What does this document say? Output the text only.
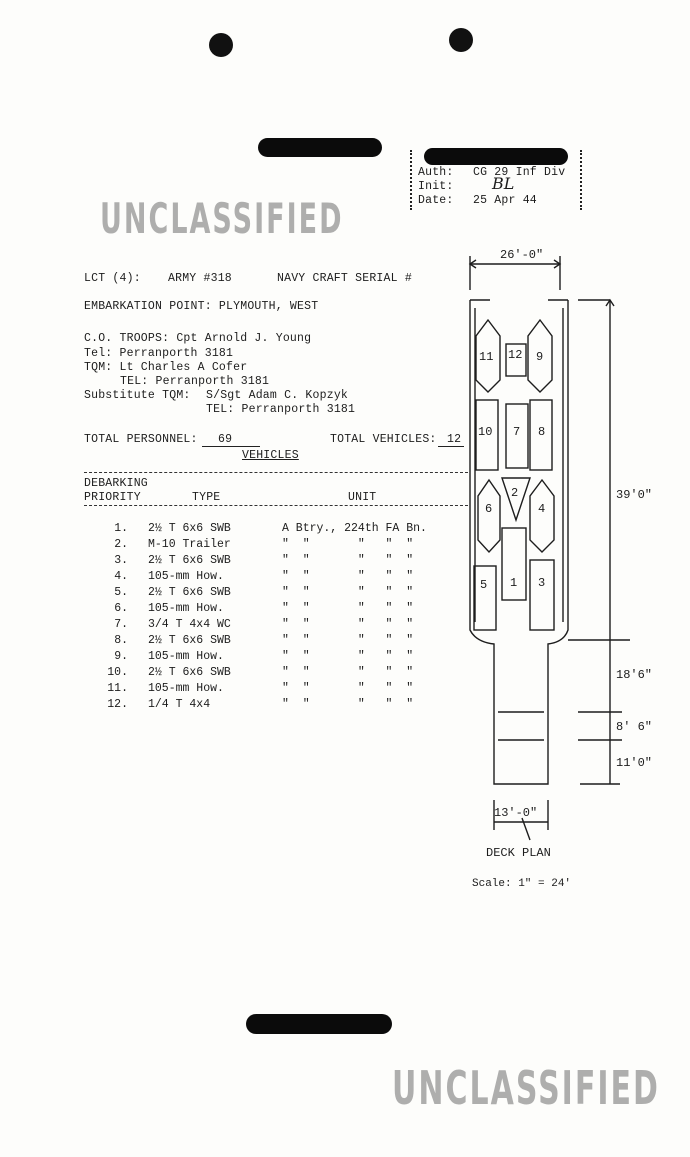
Auth: CG 29 Inf Div
Init: BL
Date: 25 Apr 44
UNCLASSIFIED
UNCLASSIFIED
LCT (4): ARMY #318	NAVY CRAFT SERIAL #
EMBARKATION POINT: PLYMOUTH, WEST
C.O. TROOPS: Cpt Arnold J. Young
Tel: Perranporth 3181
TQM: Lt Charles A Cofer
TEL: Perranporth 3181
Substitute TQM: S/Sgt Adam C. Kopzyk
TEL: Perranporth 3181
TOTAL PERSONNEL: 69	TOTAL VEHICLES: 12
VEHICLES
DEBARKING
PRIORITY	TYPE	UNIT
1.	2½ T 6x6 SWB	A Btry., 224th FA Bn.
2.	M-10 Trailer	"  "       "   "  "
3.	2½ T 6x6 SWB	"  "       "   "  "
4.	105-mm How.	"  "       "   "  "
5.	2½ T 6x6 SWB	"  "       "   "  "
6.	105-mm How.	"  "       "   "  "
7.	3/4 T 4x4 WC	"  "       "   "  "
8.	2½ T 6x6 SWB	"  "       "   "  "
9.	105-mm How.	"  "       "   "  "
10.	2½ T 6x6 SWB	"  "       "   "  "
11.	105-mm How.	"  "       "   "  "
12.	1/4 T 4x4	"  "       "   "  "
26'-0"
11 12 9
10 7 8
2
6	4
5 1 3
39'0"
18'6"
8' 6"
11'0"
13'-0"
DECK PLAN
Scale: 1" = 24'
